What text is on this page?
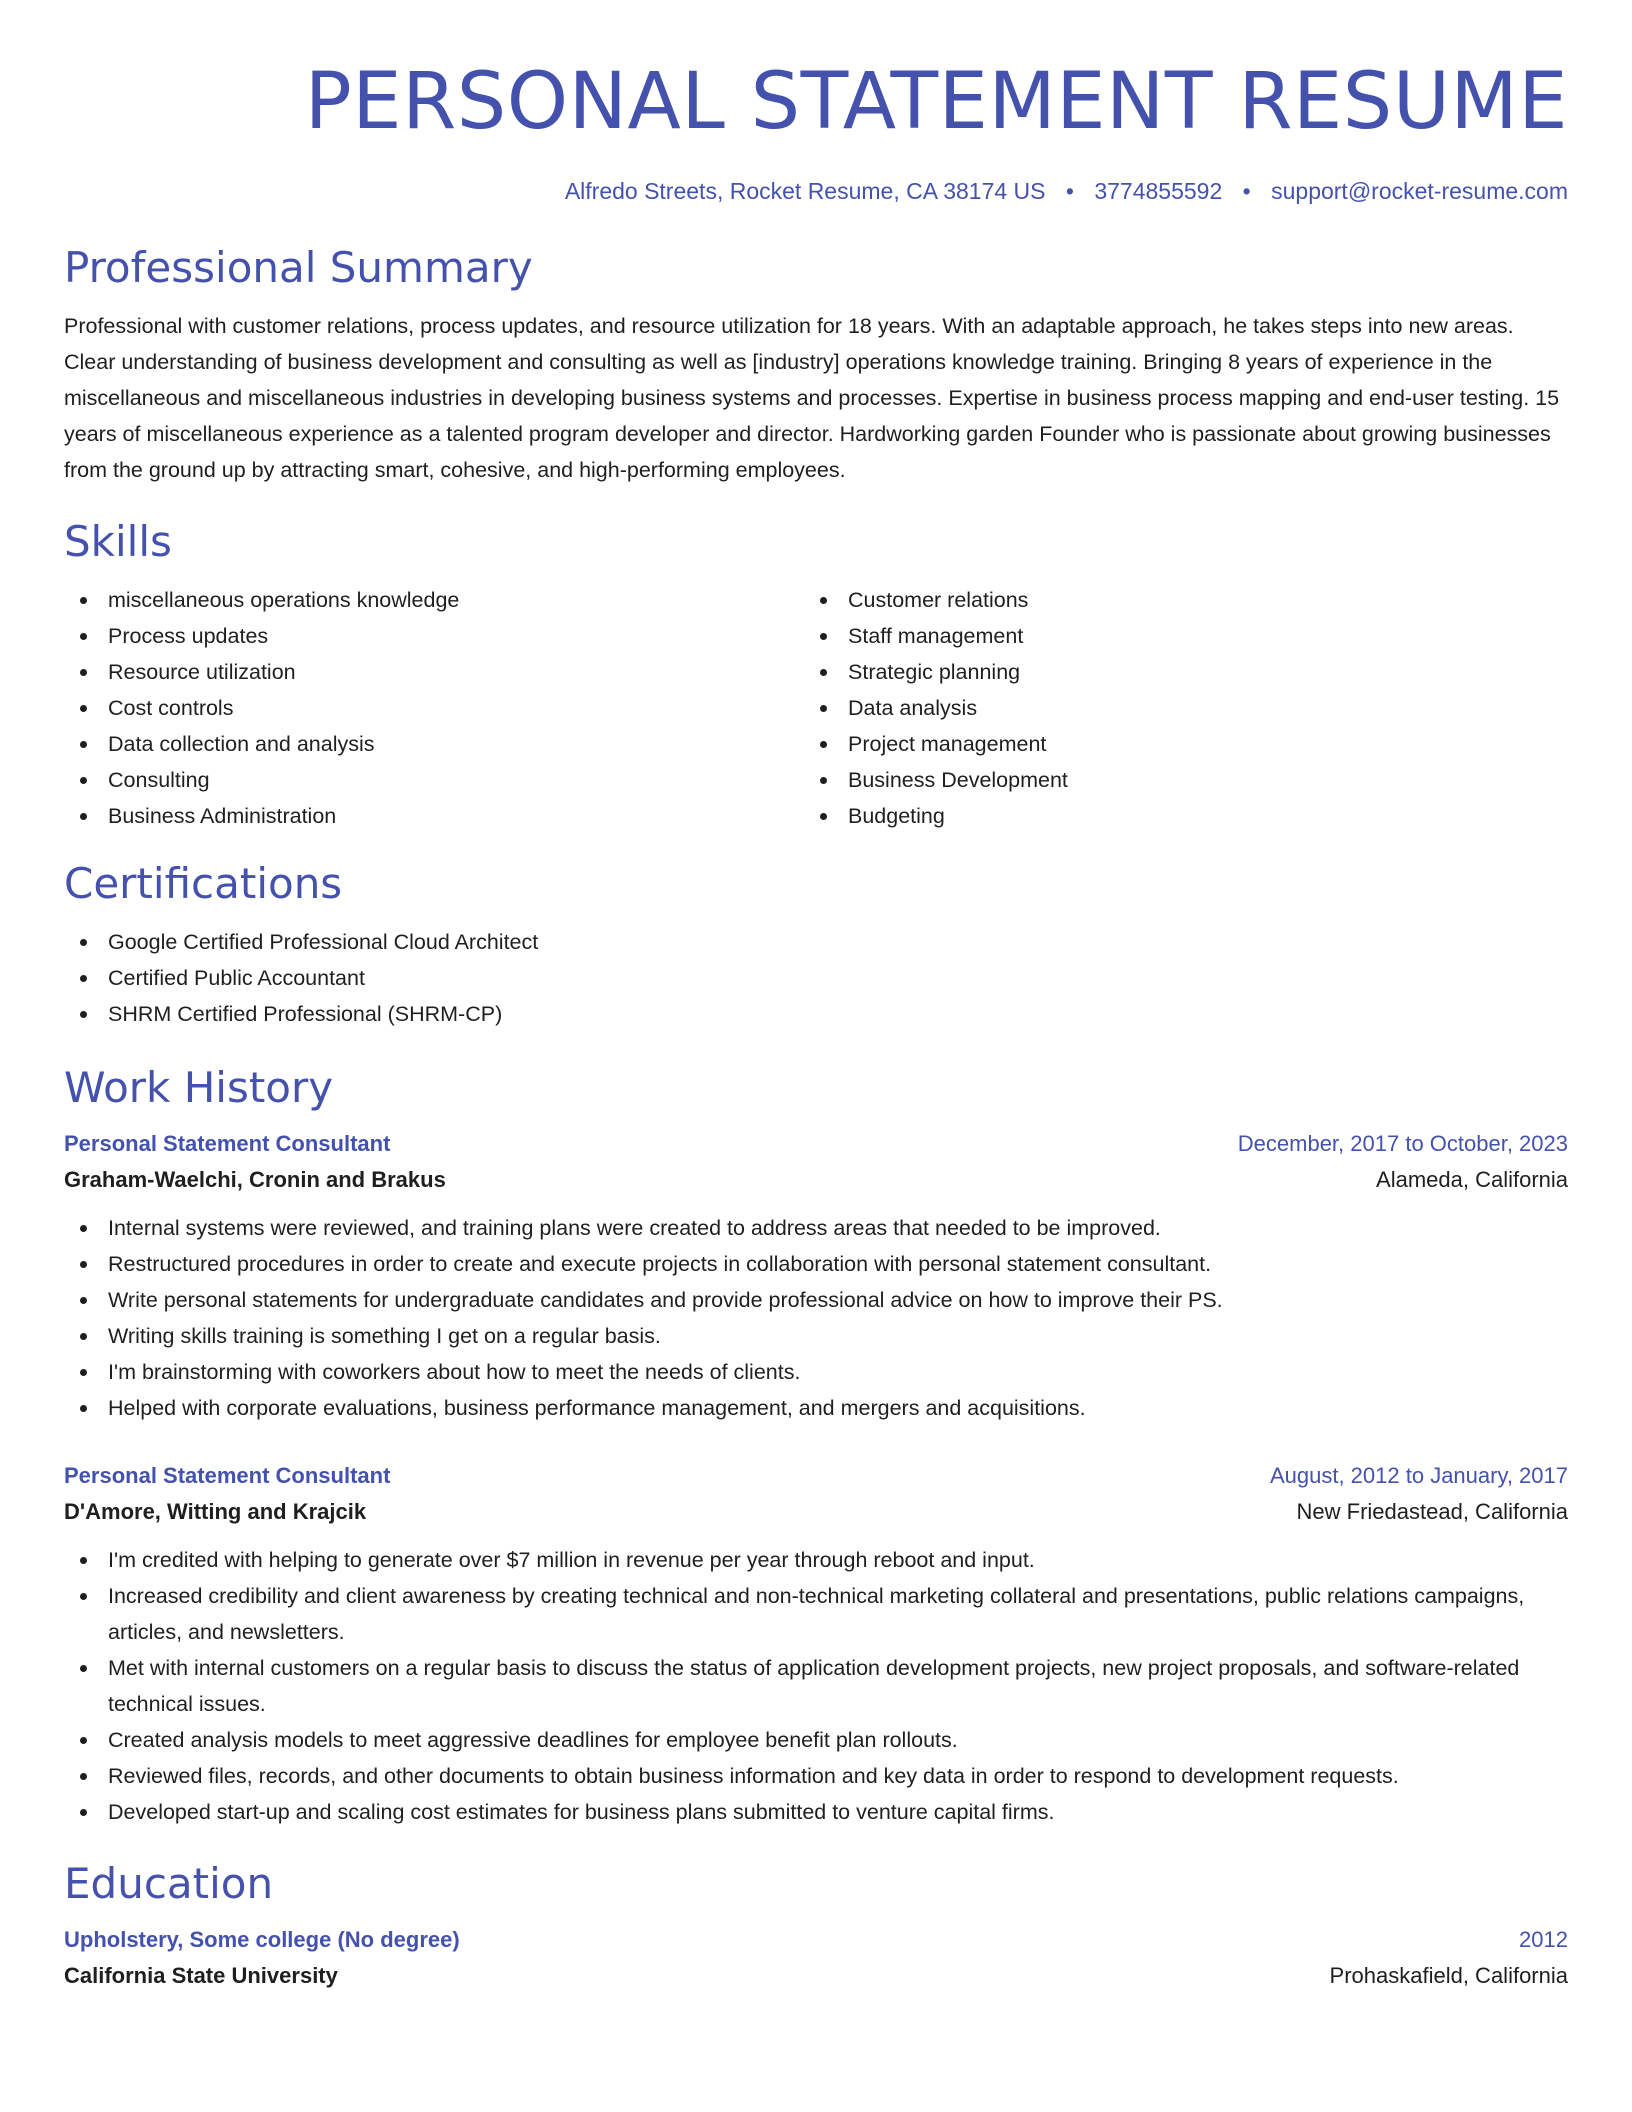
PERSONAL STATEMENT RESUME
Alfredo Streets, Rocket Resume, CA 38174 US • 3774855592 • support@rocket-resume.com
Professional Summary

Professional with customer relations, process updates, and resource utilization for 18 years. With an adaptable approach, he takes steps into new areas. Clear understanding of business development and consulting as well as [industry] operations knowledge training. Bringing 8 years of experience in the miscellaneous and miscellaneous industries in developing business systems and processes. Expertise in business process mapping and end-user testing. 15 years of miscellaneous experience as a talented program developer and director. Hardworking garden Founder who is passionate about growing businesses from the ground up by attracting smart, cohesive, and high-performing employees.

Skills
miscellaneous operations knowledge
Process updates
Resource utilization
Cost controls
Data collection and analysis
Consulting
Business Administration
Customer relations
Staff management
Strategic planning
Data analysis
Project management
Business Development
Budgeting
Certifications
Google Certified Professional Cloud Architect
Certified Public Accountant
SHRM Certified Professional (SHRM-CP)
Work History
Personal Statement Consultant	December, 2017 to October, 2023
Graham-Waelchi, Cronin and Brakus	Alameda, California
Internal systems were reviewed, and training plans were created to address areas that needed to be improved.
Restructured procedures in order to create and execute projects in collaboration with personal statement consultant.
Write personal statements for undergraduate candidates and provide professional advice on how to improve their PS.
Writing skills training is something I get on a regular basis.
I'm brainstorming with coworkers about how to meet the needs of clients.
Helped with corporate evaluations, business performance management, and mergers and acquisitions.
Personal Statement Consultant	August, 2012 to January, 2017
D'Amore, Witting and Krajcik	New Friedastead, California
I'm credited with helping to generate over $7 million in revenue per year through reboot and input.
Increased credibility and client awareness by creating technical and non-technical marketing collateral and presentations, public relations campaigns, articles, and newsletters.
Met with internal customers on a regular basis to discuss the status of application development projects, new project proposals, and software-related technical issues.
Created analysis models to meet aggressive deadlines for employee benefit plan rollouts.
Reviewed files, records, and other documents to obtain business information and key data in order to respond to development requests.
Developed start-up and scaling cost estimates for business plans submitted to venture capital firms.
Education
Upholstery, Some college (No degree)	2012
California State University	Prohaskafield, California
